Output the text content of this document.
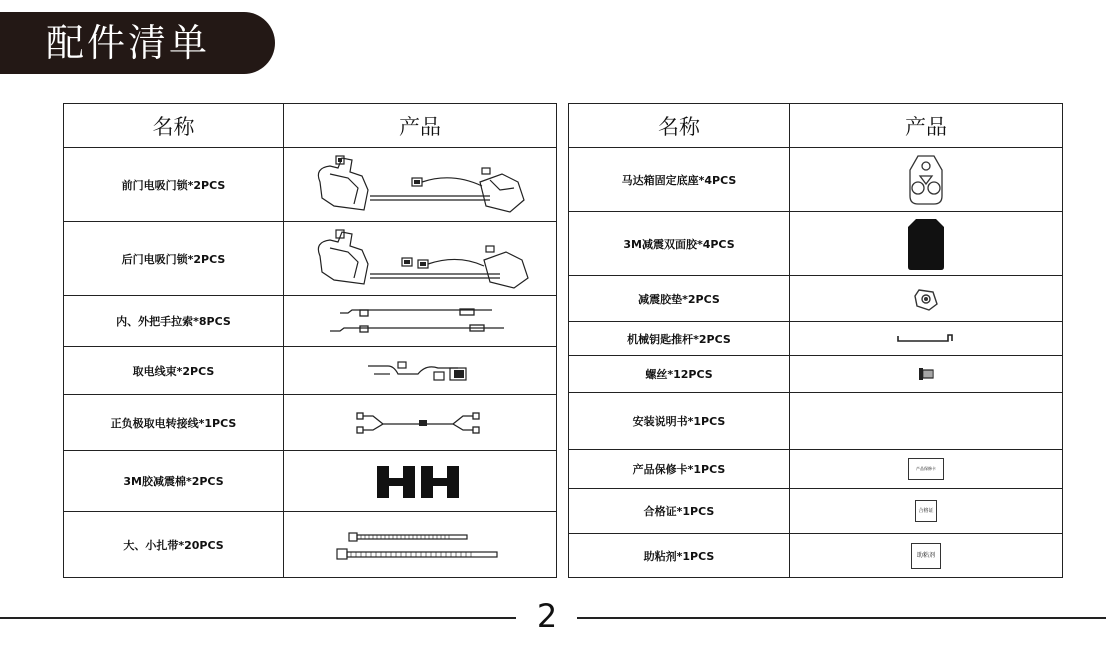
配件清单
名称	产品
前门电吸门锁*2PCS	

后门电吸门锁*2PCS	

内、外把手拉索*8PCS	

取电线束*2PCS	

正负极取电转接线*1PCS	

3M胶减震棉*2PCS	

大、小扎带*20PCS	
名称	产品
马达箱固定底座*4PCS	

3M减震双面胶*4PCS	

减震胶垫*2PCS	

机械钥匙推杆*2PCS	

螺丝*12PCS	

安装说明书*1PCS	
产品保修卡*1PCS	产品保修卡

合格证*1PCS	合格证

助粘剂*1PCS	助粘剂
2
